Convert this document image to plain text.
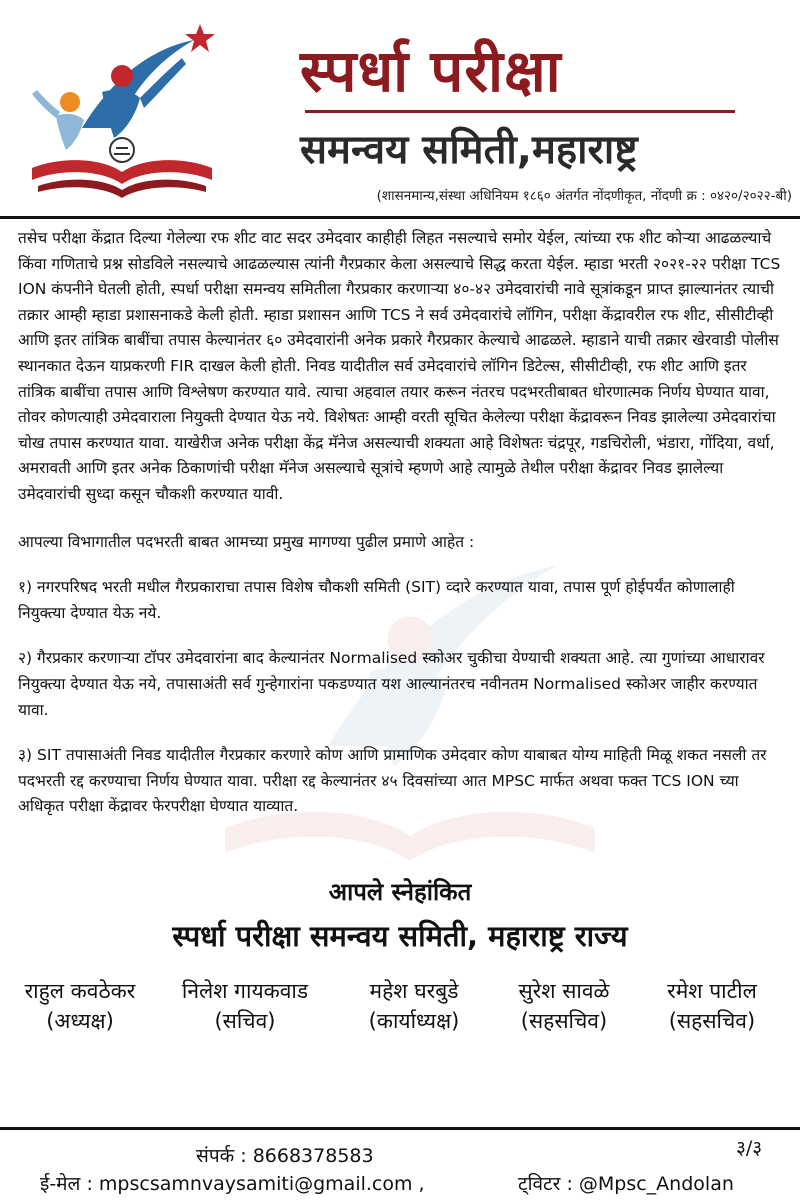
स्पर्धा परीक्षा
समन्वय समिती,महाराष्ट्र
(शासनमान्य,संस्था अधिनियम १८६० अंतर्गत नोंदणीकृत, नोंदणी क्र : ०४२०/२०२२-बी)

तसेच परीक्षा केंद्रात दिल्या गेलेल्या रफ शीट वाट सदर उमेदवार काहीही लिहत नसल्याचे समोर येईल, त्यांच्या रफ शीट कोऱ्या आढळल्याचे किंवा गणिताचे प्रश्न सोडविले नसल्याचे आढळल्यास त्यांनी गैरप्रकार केला असल्याचे सिद्ध करता येईल. म्हाडा भरती २०२१-२२ परीक्षा TCS ION कंपनीने घेतली होती, स्पर्धा परीक्षा समन्वय समितीला गैरप्रकार करणाऱ्या ४०-४२ उमेदवारांची नावे सूत्रांकडून प्राप्त झाल्यानंतर त्याची तक्रार आम्ही म्हाडा प्रशासनाकडे केली होती. म्हाडा प्रशासन आणि TCS ने सर्व उमेदवारांचे लॉगिन, परीक्षा केंद्रावरील रफ शीट, सीसीटीव्ही आणि इतर तांत्रिक बाबींचा तपास केल्यानंतर ६० उमेदवारांनी अनेक प्रकारे गैरप्रकार केल्याचे आढळले. म्हाडाने याची तक्रार खेरवाडी पोलीस स्थानकात देऊन याप्रकरणी FIR दाखल केली होती. निवड यादीतील सर्व उमेदवारांचे लॉगिन डिटेल्स, सीसीटीव्ही, रफ शीट आणि इतर तांत्रिक बाबींचा तपास आणि विश्लेषण करण्यात यावे. त्याचा अहवाल तयार करून नंतरच पदभरतीबाबत धोरणात्मक निर्णय घेण्यात यावा, तोवर कोणत्याही उमेदवाराला नियुक्ती देण्यात येऊ नये. विशेषतः आम्ही वरती सूचित केलेल्या परीक्षा केंद्रावरून निवड झालेल्या उमेदवारांचा चोख तपास करण्यात यावा. याखेरीज अनेक परीक्षा केंद्र मॅनेज असल्याची शक्यता आहे विशेषतः चंद्रपूर, गडचिरोली, भंडारा, गोंदिया, वर्धा, अमरावती आणि इतर अनेक ठिकाणांची परीक्षा मॅनेज असल्याचे सूत्रांचे म्हणणे आहे त्यामुळे तेथील परीक्षा केंद्रावर निवड झालेल्या उमेदवारांची सुध्दा कसून चौकशी करण्यात यावी.

आपल्या विभागातील पदभरती बाबत आमच्या प्रमुख मागण्या पुढील प्रमाणे आहेत :

१) नगरपरिषद भरती मधील गैरप्रकाराचा तपास विशेष चौकशी समिती (SIT) व्दारे करण्यात यावा, तपास पूर्ण होईपर्यंत कोणालाही नियुक्त्या देण्यात येऊ नये.

२) गैरप्रकार करणाऱ्या टॉपर उमेदवारांना बाद केल्यानंतर Normalised स्कोअर चुकीचा येण्याची शक्यता आहे. त्या गुणांच्या आधारावर नियुक्त्या देण्यात येऊ नये, तपासाअंती सर्व गुन्हेगारांना पकडण्यात यश आल्यानंतरच नवीनतम Normalised स्कोअर जाहीर करण्यात यावा.

३) SIT तपासाअंती निवड यादीतील गैरप्रकार करणारे कोण आणि प्रामाणिक उमेदवार कोण याबाबत योग्य माहिती मिळू शकत नसली तर पदभरती रद्द करण्याचा निर्णय घेण्यात यावा. परीक्षा रद्द केल्यानंतर ४५ दिवसांच्या आत MPSC मार्फत अथवा फक्त TCS ION च्या अधिकृत परीक्षा केंद्रावर फेरपरीक्षा घेण्यात याव्यात.

आपले स्नेहांकित
स्पर्धा परीक्षा समन्वय समिती, महाराष्ट्र राज्य
राहुल कवठेकर
(अध्यक्ष)
निलेश गायकवाड
(सचिव)
महेश घरबुडे
(कार्याध्यक्ष)
सुरेश सावळे
(सहसचिव)
रमेश पाटील
(सहसचिव)
संपर्क : 8668378583	३/३
ई-मेल : mpscsamnvaysamiti@gmail.com ,	ट्विटर : @Mpsc_Andolan
